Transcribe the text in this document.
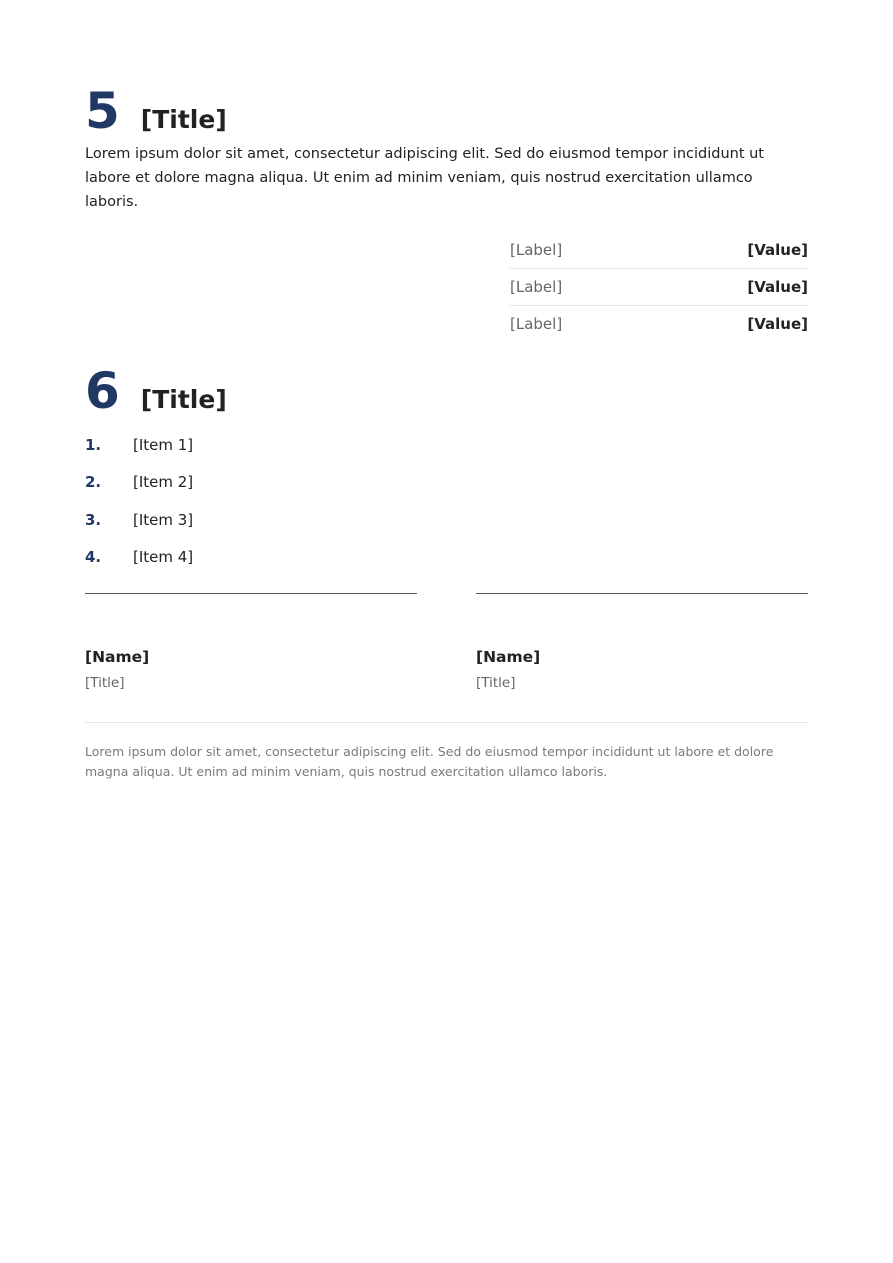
5 [Title]
Lorem ipsum dolor sit amet, consectetur adipiscing elit. Sed do eiusmod tempor incididunt ut labore et dolore magna aliqua. Ut enim ad minim veniam, quis nostrud exercitation ullamco laboris.
[Label]	[Value]
[Label]	[Value]
[Label]	[Value]
6 [Title]
1.	[Item 1]
2.	[Item 2]
3.	[Item 3]
4.	[Item 4]
[Name]
[Title]
[Name]
[Title]
Lorem ipsum dolor sit amet, consectetur adipiscing elit. Sed do eiusmod tempor incididunt ut labore et dolore magna aliqua. Ut enim ad minim veniam, quis nostrud exercitation ullamco laboris.
